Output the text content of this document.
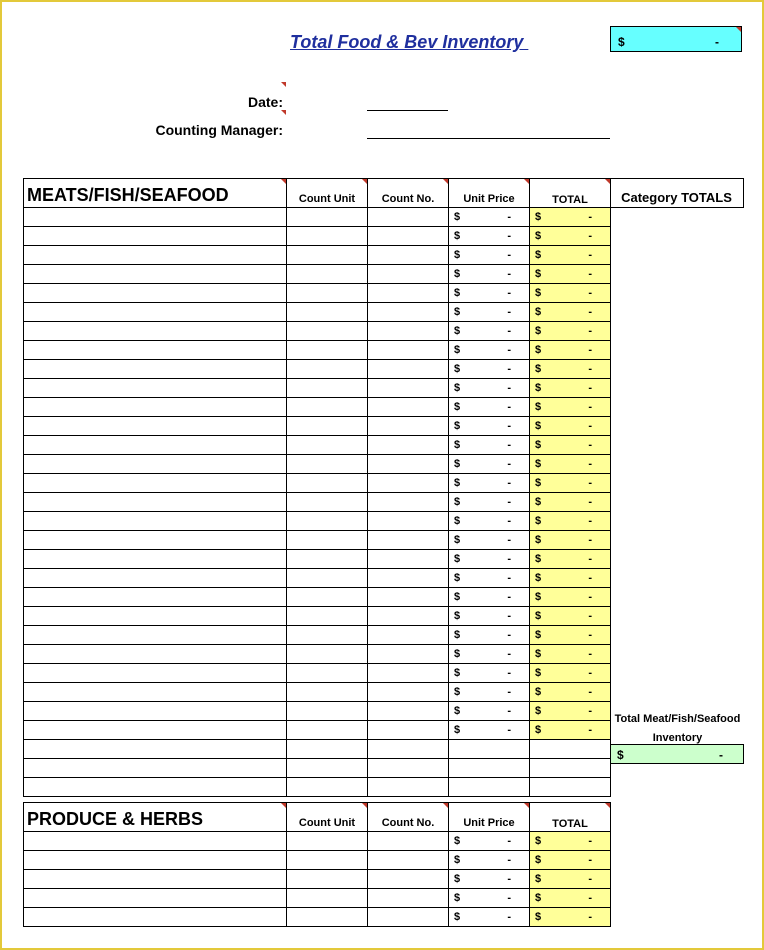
Total Food & Bev Inventory	$	-
Date:
Counting Manager:
MEATS/FISH/SEAFOOD	Count Unit	Count No.	Unit Price	TOTAL

			$ -	$ -

			$ -	$ -

			$ -	$ -

			$ -	$ -

			$ -	$ -

			$ -	$ -

			$ -	$ -

			$ -	$ -

			$ -	$ -

			$ -	$ -

			$ -	$ -

			$ -	$ -

			$ -	$ -

			$ -	$ -

			$ -	$ -

			$ -	$ -

			$ -	$ -

			$ -	$ -

			$ -	$ -

			$ -	$ -

			$ -	$ -

			$ -	$ -

			$ -	$ -

			$ -	$ -

			$ -	$ -

			$ -	$ -

			$ -	$ -

			$ -	$ -

Category TOTALS
Total Meat/Fish/Seafood
Inventory
$	-
PRODUCE & HERBS	Count Unit	Count No.	Unit Price	TOTAL

			$ -	$ -

			$ -	$ -

			$ -	$ -

			$ -	$ -

			$ -	$ -
